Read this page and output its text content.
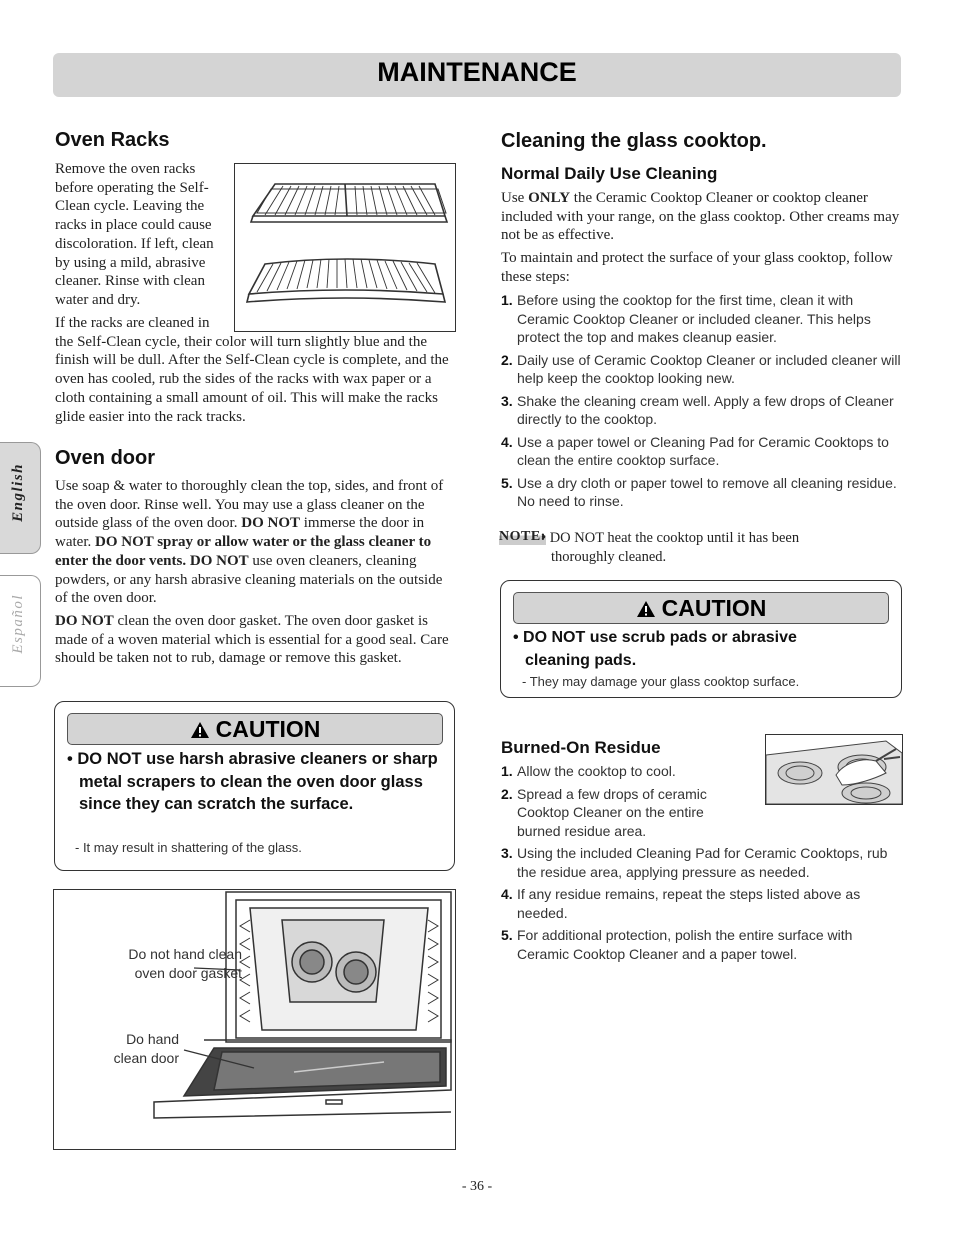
MAINTENANCE
English
Español
Oven Racks
Remove the oven racks
before operating the Self-
Clean cycle. Leaving the
racks in place could cause
discoloration. If left, clean
by using a mild, abrasive
cleaner. Rinse with clean
water and dry.
If the racks are cleaned in
the Self-Clean cycle, their color will turn slightly blue and the finish will be dull. After the Self-Clean cycle is complete, and the oven has cooled, rub the sides of the racks with wax paper or a cloth containing a small amount of oil. This will make the racks glide easier into the rack tracks.
Oven door
Use soap & water to thoroughly clean the top, sides, and front of the oven door. Rinse well. You may use a glass cleaner on the outside glass of the oven door. DO NOT immerse the door in water. DO NOT spray or allow water or the glass cleaner to enter the door vents. DO NOT use oven cleaners, cleaning powders, or any harsh abrasive cleaning materials on the outside of the oven door.
DO NOT clean the oven door gasket. The oven door gasket is made of a woven material which is essential for a good seal. Care should be taken not to rub, damage or remove this gasket.
CAUTION
• DO NOT use harsh abrasive cleaners or sharp metal scrapers to clean the oven door glass since they can scratch the surface.
- It may result in shattering of the glass.
Do not hand clean oven door gasket
Do hand clean door
Cleaning the glass cooktop.
Normal Daily Use Cleaning
Use ONLY the Ceramic Cooktop Cleaner or cooktop cleaner included with your range, on the glass cooktop. Other creams may not be as effective.
To maintain and protect the surface of your glass cooktop, follow these steps:
1. Before using the cooktop for the first time, clean it with Ceramic Cooktop Cleaner or included cleaner. This helps protect the top and makes cleanup easier.
2. Daily use of Ceramic Cooktop Cleaner or included cleaner will help keep the cooktop looking new.
3. Shake the cleaning cream well. Apply a few drops of Cleaner directly to the cooktop.
4. Use a paper towel or Cleaning Pad for Ceramic Cooktops to clean the entire cooktop surface.
5. Use a dry cloth or paper towel to remove all cleaning residue. No need to rinse.
NOTE:
• DO NOT heat the cooktop until it has been thoroughly cleaned.
CAUTION
• DO NOT use scrub pads or abrasive cleaning pads.
- They may damage your glass cooktop surface.
Burned-On Residue
1. Allow the cooktop to cool.
2. Spread a few drops of ceramic Cooktop Cleaner on the entire burned residue area.
3. Using the included Cleaning Pad for Ceramic Cooktops, rub the residue area, applying pressure as needed.
4. If any residue remains, repeat the steps listed above as needed.
5. For additional protection, polish the entire surface with Ceramic Cooktop Cleaner and a paper towel.
- 36 -
